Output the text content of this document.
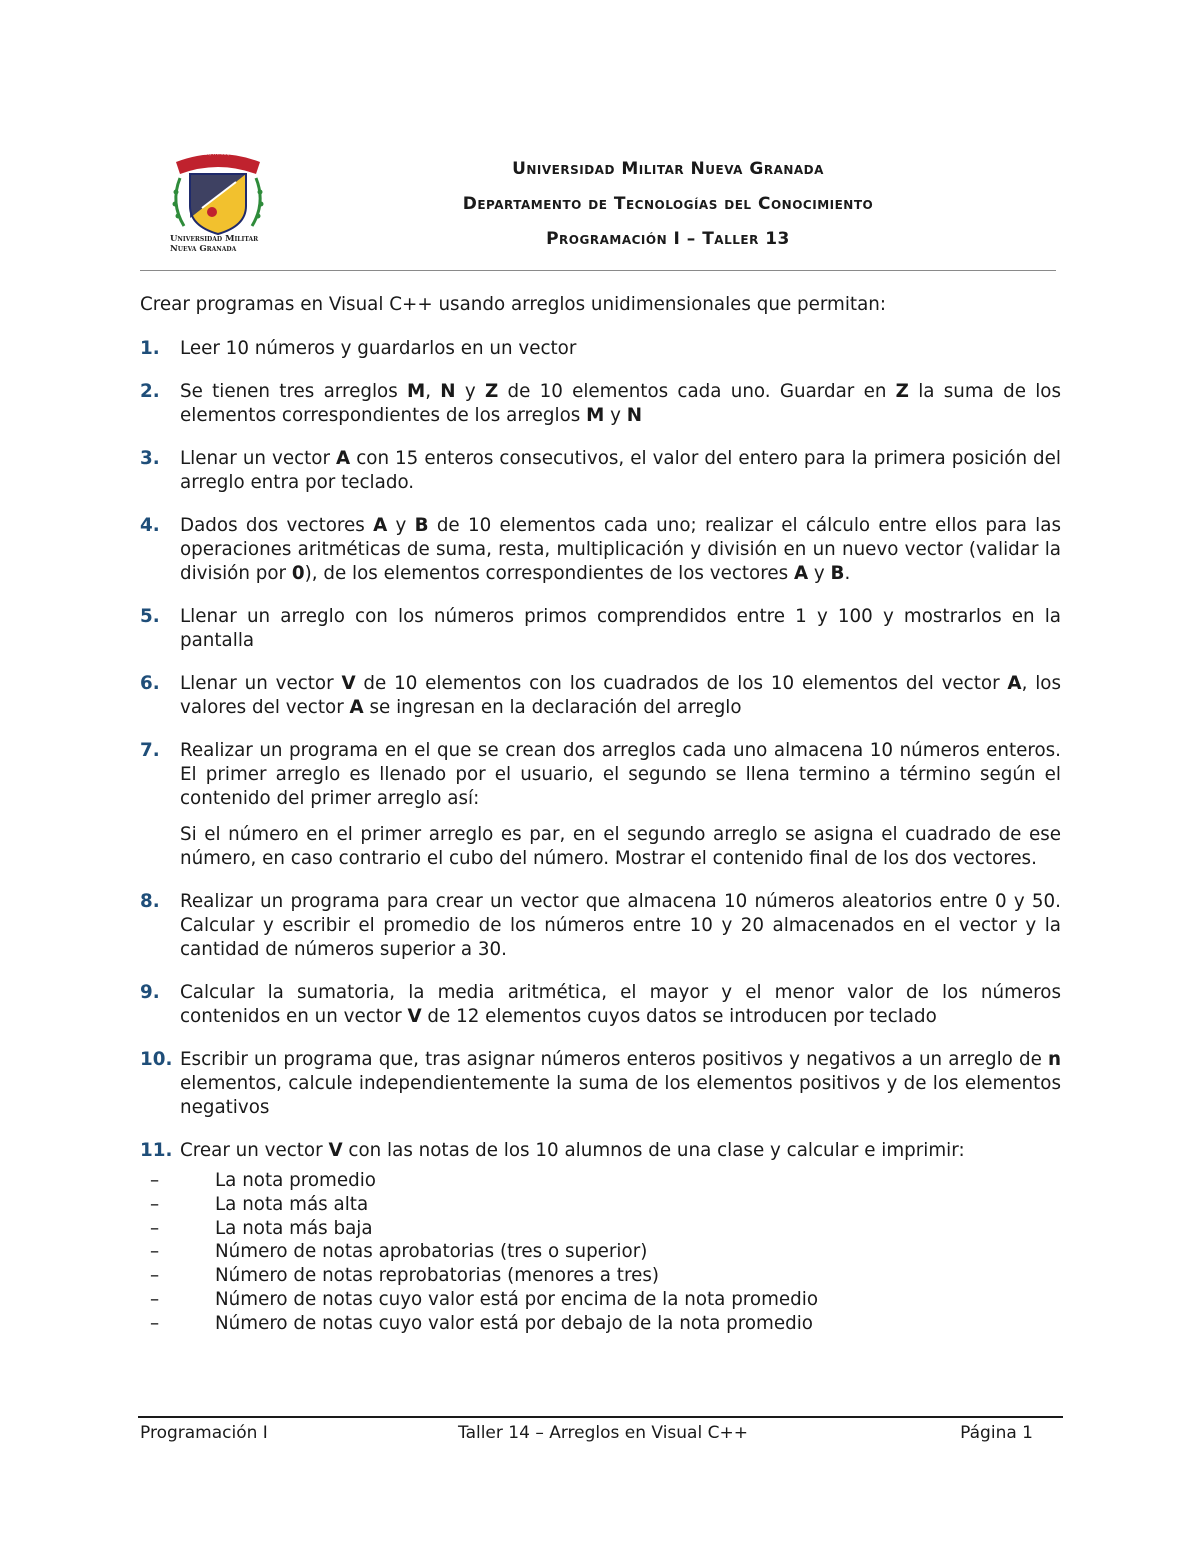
Universidad Militar
Nueva Granada
CIENCIA, PATRIA, FAMILIA

Universidad Militar Nueva Granada

Departamento de Tecnologías del Conocimiento

Programación I – Taller 13

Crear programas en Visual C++ usando arreglos unidimensionales que permitan:

1. Leer 10 números y guardarlos en un vector

2. Se tienen tres arreglos M, N y Z de 10 elementos cada uno. Guardar en Z la suma de los elementos correspondientes de los arreglos M y N

3. Llenar un vector A con 15 enteros consecutivos, el valor del entero para la primera posición del arreglo entra por teclado.

4. Dados dos vectores A y B de 10 elementos cada uno; realizar el cálculo entre ellos para las operaciones aritméticas de suma, resta, multiplicación y división en un nuevo vector (validar la división por 0), de los elementos correspondientes de los vectores A y B.

5. Llenar un arreglo con los números primos comprendidos entre 1 y 100 y mostrarlos en la pantalla

6. Llenar un vector V de 10 elementos con los cuadrados de los 10 elementos del vector A, los valores del vector A se ingresan en la declaración del arreglo

7. Realizar un programa en el que se crean dos arreglos cada uno almacena 10 números enteros. El primer arreglo es llenado por el usuario, el segundo se llena termino a término según el contenido del primer arreglo así:

Si el número en el primer arreglo es par, en el segundo arreglo se asigna el cuadrado de ese número, en caso contrario el cubo del número. Mostrar el contenido final de los dos vectores.

8. Realizar un programa para crear un vector que almacena 10 números aleatorios entre 0 y 50. Calcular y escribir el promedio de los números entre 10 y 20 almacenados en el vector y la cantidad de números superior a 30.

9. Calcular la sumatoria, la media aritmética, el mayor y el menor valor de los números contenidos en un vector V de 12 elementos cuyos datos se introducen por teclado

10. Escribir un programa que, tras asignar números enteros positivos y negativos a un arreglo de n elementos, calcule independientemente la suma de los elementos positivos y de los elementos negativos

11. Crear un vector V con las notas de los 10 alumnos de una clase y calcular e imprimir:

–	La nota promedio
–	La nota más alta
–	La nota más baja
–	Número de notas aprobatorias (tres o superior)
–	Número de notas reprobatorias (menores a tres)
–	Número de notas cuyo valor está por encima de la nota promedio
–	Número de notas cuyo valor está por debajo de la nota promedio
Programación I	Taller 14 – Arreglos en Visual C++	Página 1
